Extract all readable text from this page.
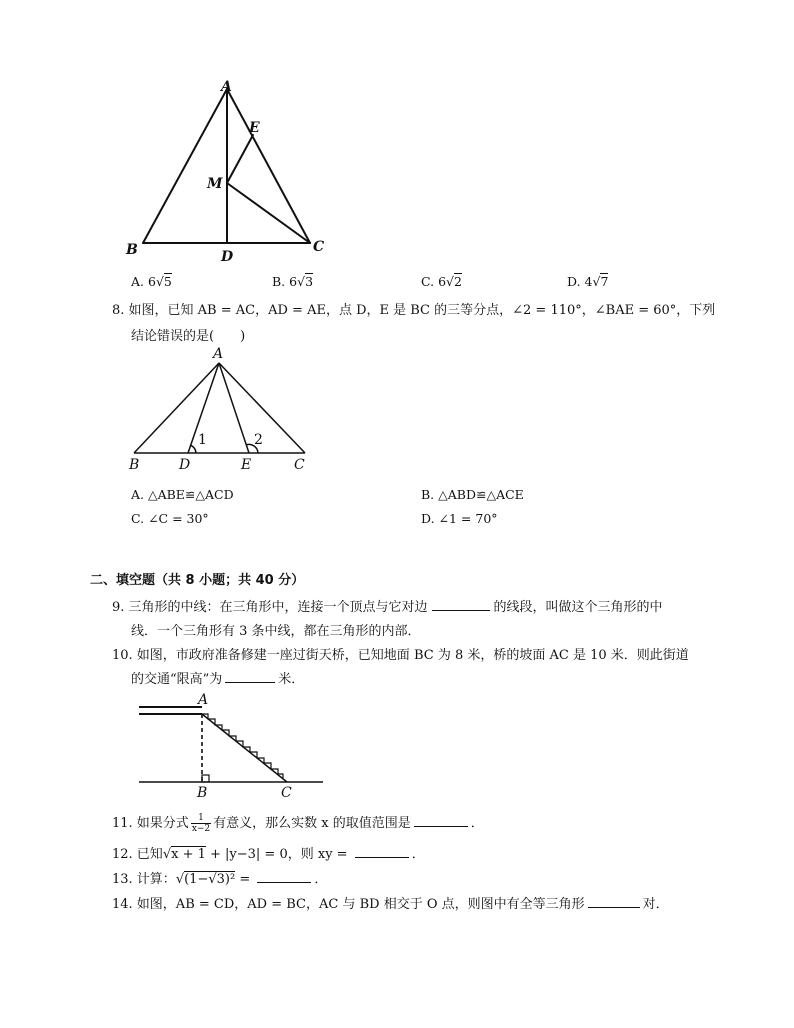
A
E
M
B	D
C
A. 6√5	B. 6√3	C. 6√2	D. 4√7
8. 如图，已知 AB = AC，AD = AE，点 D，E 是 BC 的三等分点，∠2 = 110°，∠BAE = 60°，下列
结论错误的是(　　)
A
1	2
B	D	E	C
A. △ABE≌△ACD	B. △ABD≌△ACE
C. ∠C = 30°	D. ∠1 = 70°
二、填空题（共 8 小题；共 40 分）
9. 三角形的中线：在三角形中，连接一个顶点与它对边	的线段，叫做这个三角形的中
线．一个三角形有 3 条中线，都在三角形的内部．
10. 如图，市政府准备修建一座过街天桥，已知地面 BC 为 8 米，桥的坡面 AC 是 10 米．则此街道
的交通“限高”为	米．
A
B	C
11. 如果分式 $\frac{1}{x-2}$ 有意义，那么实数 x 的取值范围是	．
12. 已知√x + 1 + |y−3| = 0，则 xy =	．
13. 计算：√(1−√3)² =	．
14. 如图，AB = CD，AD = BC，AC 与 BD 相交于 O 点，则图中有全等三角形	对．
